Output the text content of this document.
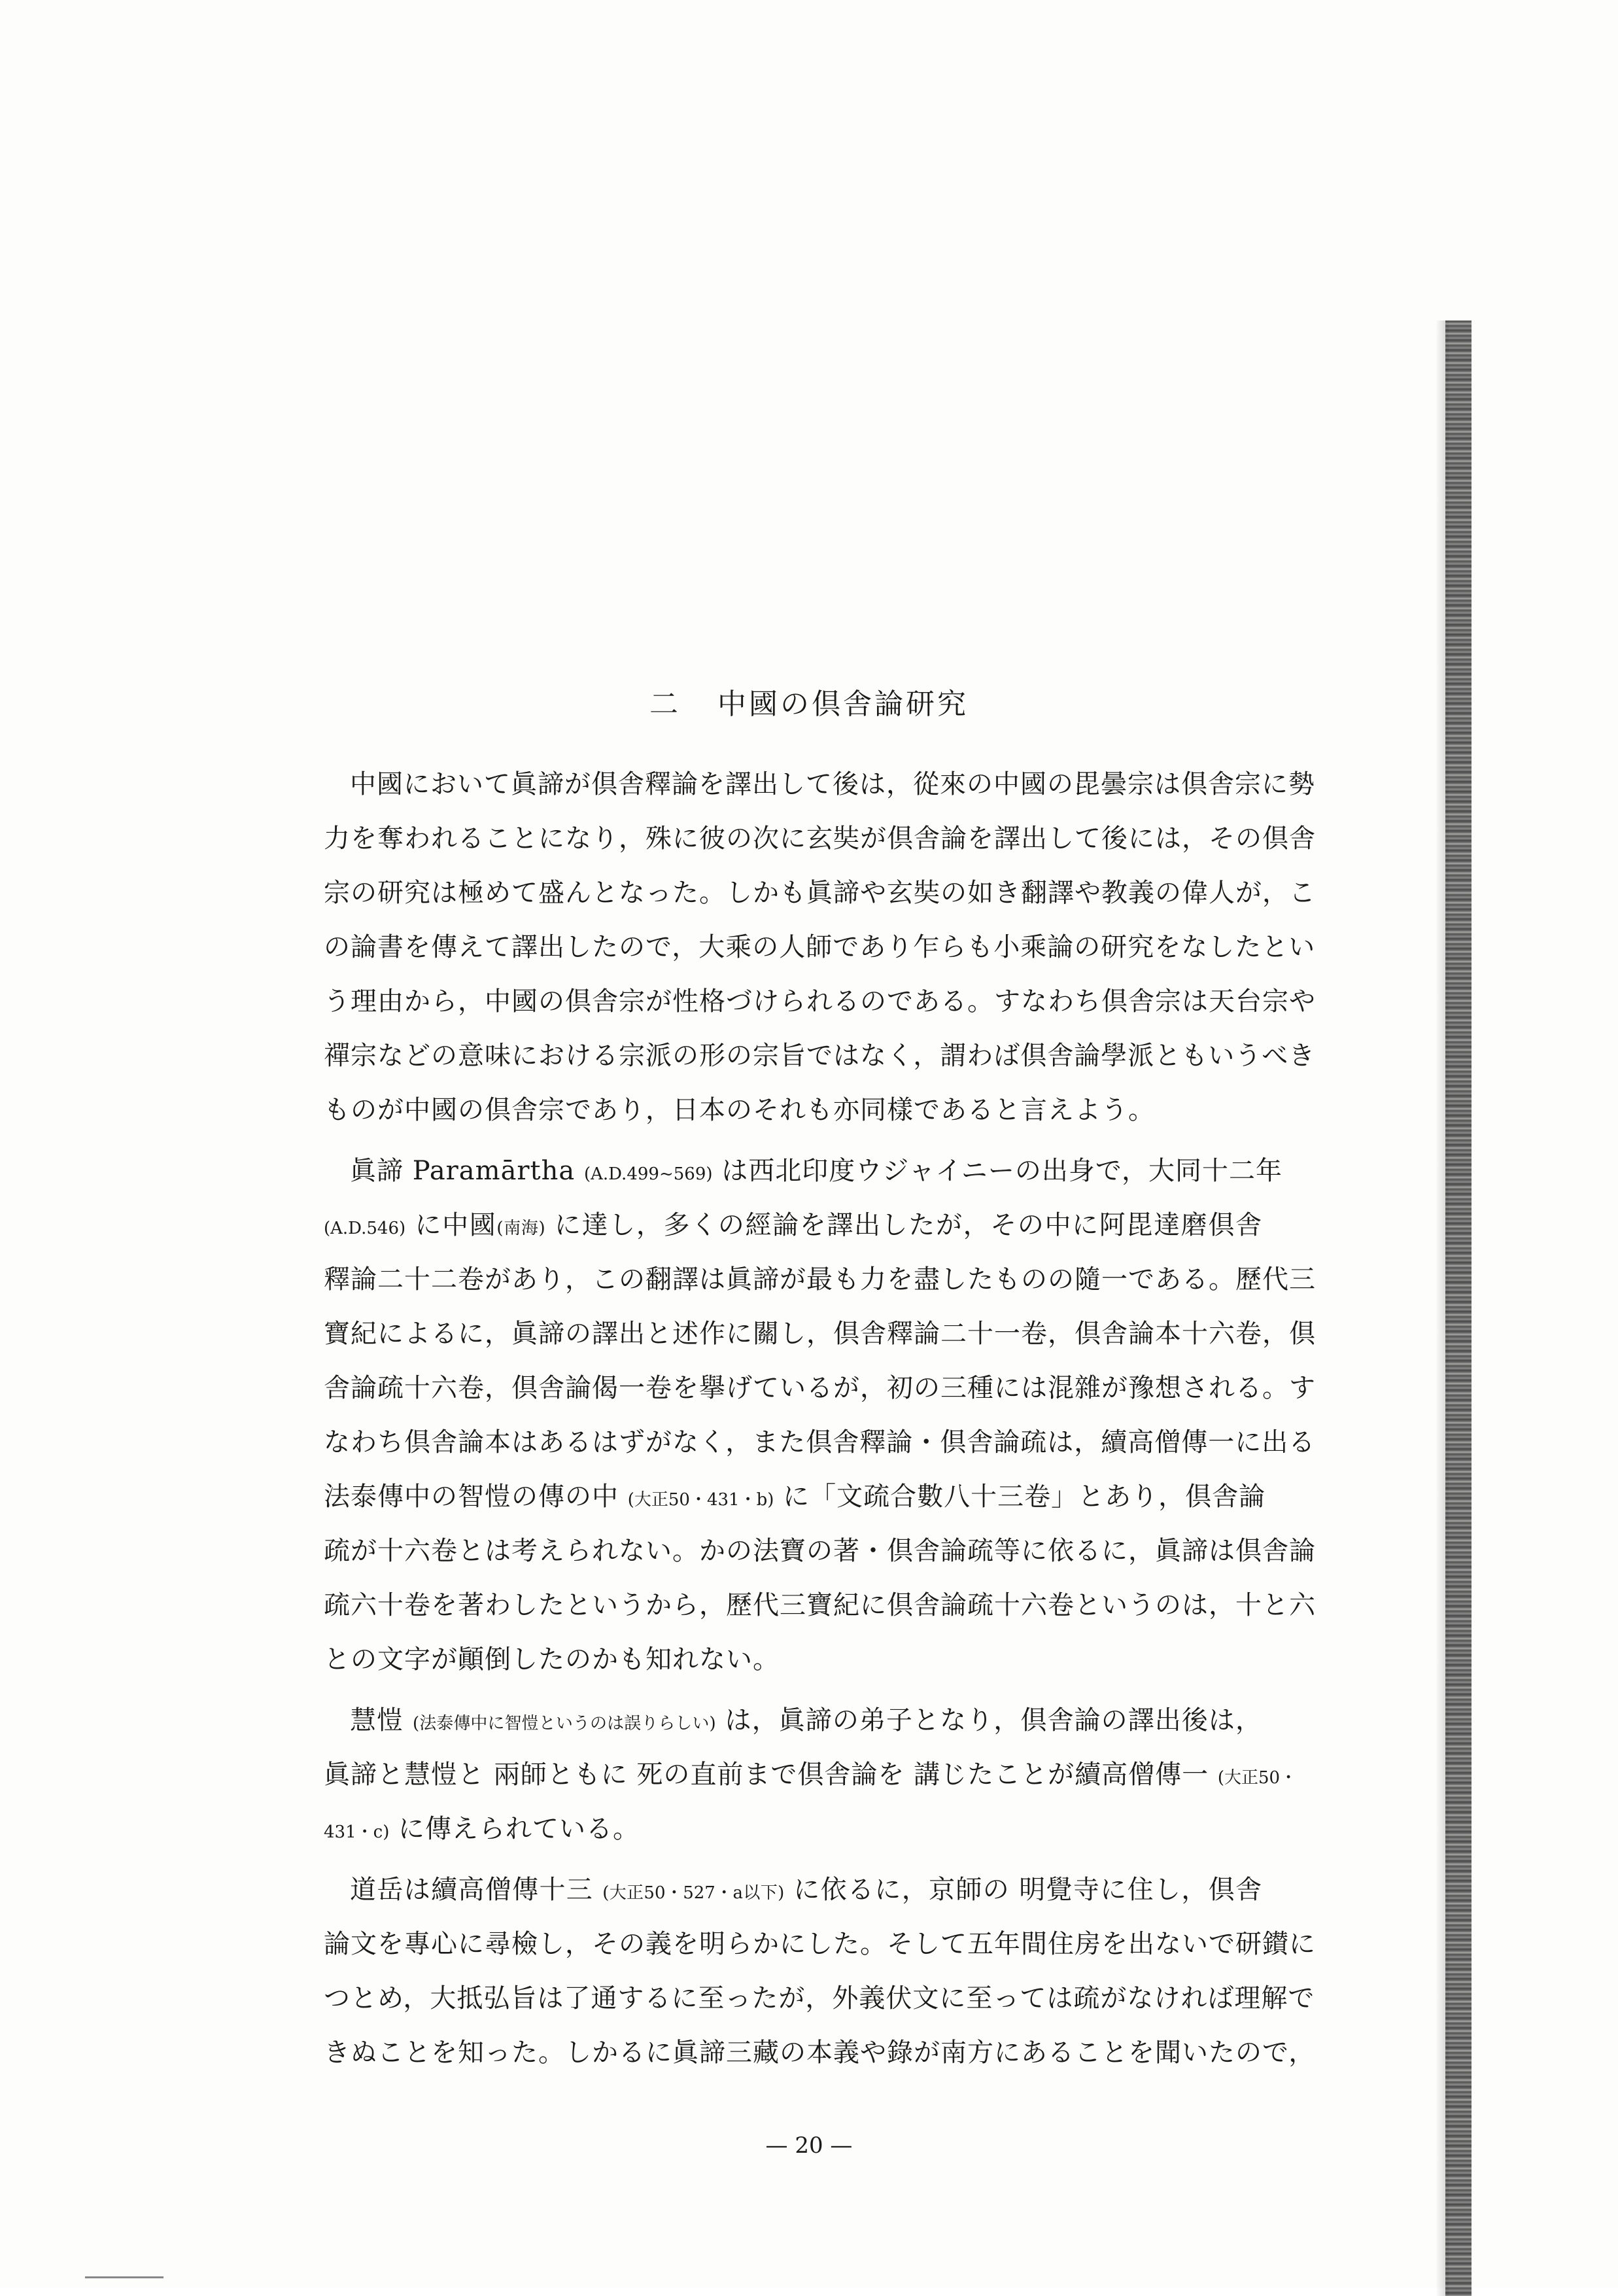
二 中國の倶舎論研究
中國において眞諦が倶舎釋論を譯出して後は，從來の中國の毘曇宗は倶舎宗に勢
力を奪われることになり，殊に彼の次に玄奘が倶舎論を譯出して後には，その倶舎
宗の研究は極めて盛んとなった。しかも眞諦や玄奘の如き翻譯や教義の偉人が，こ
の論書を傳えて譯出したので，大乘の人師であり乍らも小乘論の研究をなしたとい
う理由から，中國の倶舎宗が性格づけられるのである。すなわち倶舎宗は天台宗や
禪宗などの意味における宗派の形の宗旨ではなく，謂わば倶舎論學派ともいうべき
ものが中國の倶舎宗であり，日本のそれも亦同樣であると言えよう。
眞諦 Paramārtha (A.D.499~569) は西北印度ウジャイニーの出身で，大同十二年
(A.D.546) に中國(南海) に達し，多くの經論を譯出したが，その中に阿毘達磨倶舎
釋論二十二卷があり，この翻譯は眞諦が最も力を盡したものの隨一である。歷代三
寶紀によるに，眞諦の譯出と述作に關し，倶舎釋論二十一卷，倶舎論本十六卷，倶
舎論疏十六卷，倶舎論偈一卷を擧げているが，初の三種には混雜が豫想される。す
なわち倶舎論本はあるはずがなく，また倶舎釋論・倶舎論疏は，續高僧傳一に出る
法泰傳中の智愷の傳の中 (大正50・431・b) に「文疏合數八十三卷」とあり，倶舎論
疏が十六卷とは考えられない。かの法寶の著・倶舎論疏等に依るに，眞諦は倶舎論
疏六十卷を著わしたというから，歷代三寶紀に倶舎論疏十六卷というのは，十と六
との文字が顚倒したのかも知れない。
慧愷 (法泰傳中に智愷というのは誤りらしい) は，眞諦の弟子となり，倶舎論の譯出後は，
眞諦と慧愷と 兩師ともに 死の直前まで倶舎論を 講じたことが續高僧傳一 (大正50・
431・c) に傳えられている。
道岳は續高僧傳十三 (大正50・527・a以下) に依るに，京師の 明覺寺に住し，倶舎
論文を專心に尋檢し，その義を明らかにした。そして五年間住房を出ないで研鑚に
つとめ，大抵弘旨は了通するに至ったが，外義伏文に至っては疏がなければ理解で
きぬことを知った。しかるに眞諦三藏の本義や錄が南方にあることを聞いたので，
— 20 —
